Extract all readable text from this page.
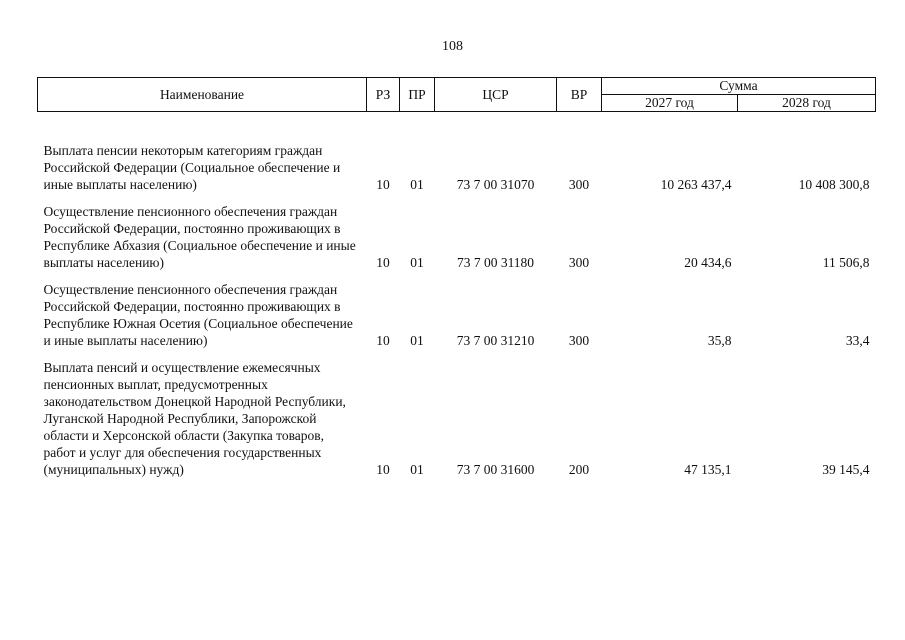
108
Наименование	РЗ	ПР	ЦСР	ВР	Сумма	
					2027 год	2028 год

Выплата пенсии некоторым категориям граждан Российской Федерации (Социальное обеспечение и иные выплаты населению)	10	01	73 7 00 31070	300	10 263 437,4	10 408 300,8
Осуществление пенсионного обеспечения граждан Российской Федерации, постоянно проживающих в Республике Абхазия (Социальное обеспечение и иные выплаты населению)	10	01	73 7 00 31180	300	20 434,6	11 506,8
Осуществление пенсионного обеспечения граждан Российской Федерации, постоянно проживающих в Республике Южная Осетия (Социальное обеспечение и иные выплаты населению)	10	01	73 7 00 31210	300	35,8	33,4
Выплата пенсий и осуществление ежемесячных пенсионных выплат, предусмотренных законодательством Донецкой Народной Республики, Луганской Народной Республики, Запорожской области и Херсонской области (Закупка товаров, работ и услуг для обеспечения государственных (муниципальных) нужд)	10	01	73 7 00 31600	200	47 135,1	39 145,4
